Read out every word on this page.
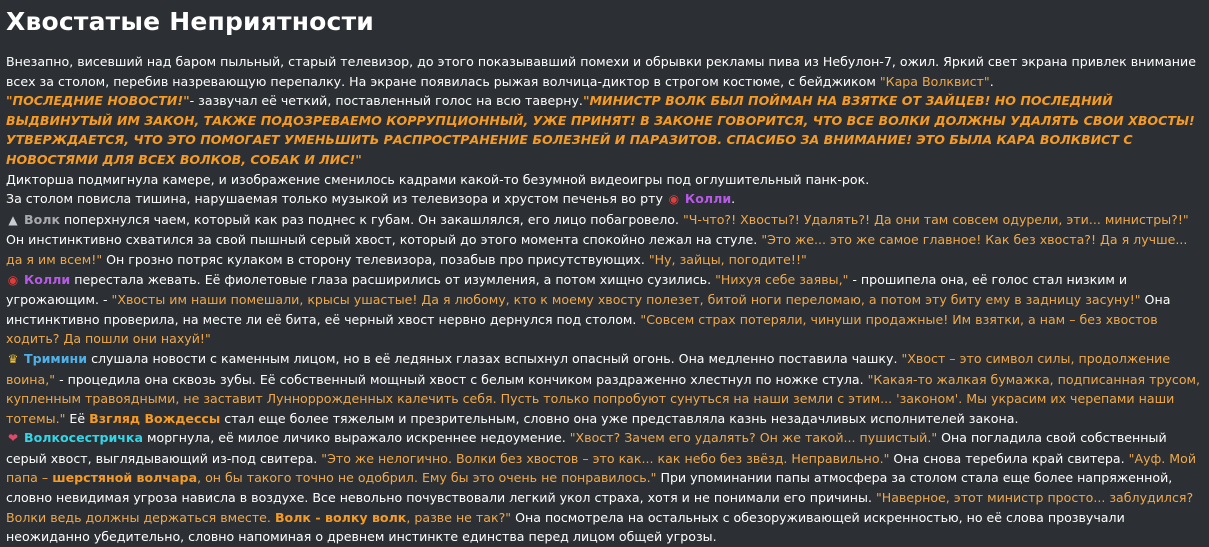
Хвостатые Неприятности

Внезапно, висевший над баром пыльный, старый телевизор, до этого показывавший помехи и обрывки рекламы пива из Небулон-7, ожил. Яркий свет экрана привлек внимание всех за столом, перебив назревающую перепалку. На экране появилась рыжая волчица-диктор в строгом костюме, с бейджиком "Кара Волквист".

"ПОСЛЕДНИЕ НОВОСТИ!"- зазвучал её четкий, поставленный голос на всю таверну."МИНИСТР ВОЛК БЫЛ ПОЙМАН НА ВЗЯТКЕ ОТ ЗАЙЦЕВ! НО ПОСЛЕДНИЙ ВЫДВИНУТЫЙ ИМ ЗАКОН, ТАКЖЕ ПОДОЗРЕВАЕМО КОРРУПЦИОННЫЙ, УЖЕ ПРИНЯТ! В ЗАКОНЕ ГОВОРИТСЯ, ЧТО ВСЕ ВОЛКИ ДОЛЖНЫ УДАЛЯТЬ СВОИ ХВОСТЫ! УТВЕРЖДАЕТСЯ, ЧТО ЭТО ПОМОГАЕТ УМЕНЬШИТЬ РАСПРОСТРАНЕНИЕ БОЛЕЗНЕЙ И ПАРАЗИТОВ. СПАСИБО ЗА ВНИМАНИЕ! ЭТО БЫЛА КАРА ВОЛКВИСТ С НОВОСТЯМИ ДЛЯ ВСЕХ ВОЛКОВ, СОБАК И ЛИС!"

Дикторша подмигнула камере, и изображение сменилось кадрами какой-то безумной видеоигры под оглушительный панк-рок.

За столом повисла тишина, нарушаемая только музыкой из телевизора и хрустом печенья во рту ◉ Колли.

▲ Волк поперхнулся чаем, который как раз поднес к губам. Он закашлялся, его лицо побагровело. "Ч-что?! Хвосты?! Удалять?! Да они там совсем одурели, эти... министры?!" Он инстинктивно схватился за свой пышный серый хвост, который до этого момента спокойно лежал на стуле. "Это же... это же самое главное! Как без хвоста?! Да я лучше... да я им всем!" Он грозно потряс кулаком в сторону телевизора, позабыв про присутствующих. "Ну, зайцы, погодите!!"

◉ Колли перестала жевать. Её фиолетовые глаза расширились от изумления, а потом хищно сузились. "Нихуя себе заявы," - прошипела она, её голос стал низким и угрожающим. - "Хвосты им наши помешали, крысы ушастые! Да я любому, кто к моему хвосту полезет, битой ноги переломаю, а потом эту биту ему в задницу засуну!" Она инстинктивно проверила, на месте ли её бита, её черный хвост нервно дернулся под столом. "Совсем страх потеряли, чинуши продажные! Им взятки, а нам – без хвостов ходить? Да пошли они нахуй!"

♛ Тримини слушала новости с каменным лицом, но в её ледяных глазах вспыхнул опасный огонь. Она медленно поставила чашку. "Хвост – это символ силы, продолжение воина," - процедила она сквозь зубы. Её собственный мощный хвост с белым кончиком раздраженно хлестнул по ножке стула. "Какая-то жалкая бумажка, подписанная трусом, купленным травоядными, не заставит Лунноррожденных калечить себя. Пусть только попробуют сунуться на наши земли с этим... 'законом'. Мы украсим их черепами наши тотемы." Её Взгляд Вождессы стал еще более тяжелым и презрительным, словно она уже представляла казнь незадачливых исполнителей закона.

❤ Волкосестричка моргнула, её милое личико выражало искреннее недоумение. "Хвост? Зачем его удалять? Он же такой... пушистый." Она погладила свой собственный серый хвост, выглядывающий из-под свитера. "Это же нелогично. Волки без хвостов – это как... как небо без звёзд. Неправильно." Она снова теребила край свитера. "Ауф. Мой папа – шерстяной волчара, он бы такого точно не одобрил. Ему бы это очень не понравилось." При упоминании папы атмосфера за столом стала еще более напряженной, словно невидимая угроза нависла в воздухе. Все невольно почувствовали легкий укол страха, хотя и не понимали его причины. "Наверное, этот министр просто... заблудился? Волки ведь должны держаться вместе. Волк - волку волк, разве не так?" Она посмотрела на остальных с обезоруживающей искренностью, но её слова прозвучали неожиданно убедительно, словно напоминая о древнем инстинкте единства перед лицом общей угрозы.
